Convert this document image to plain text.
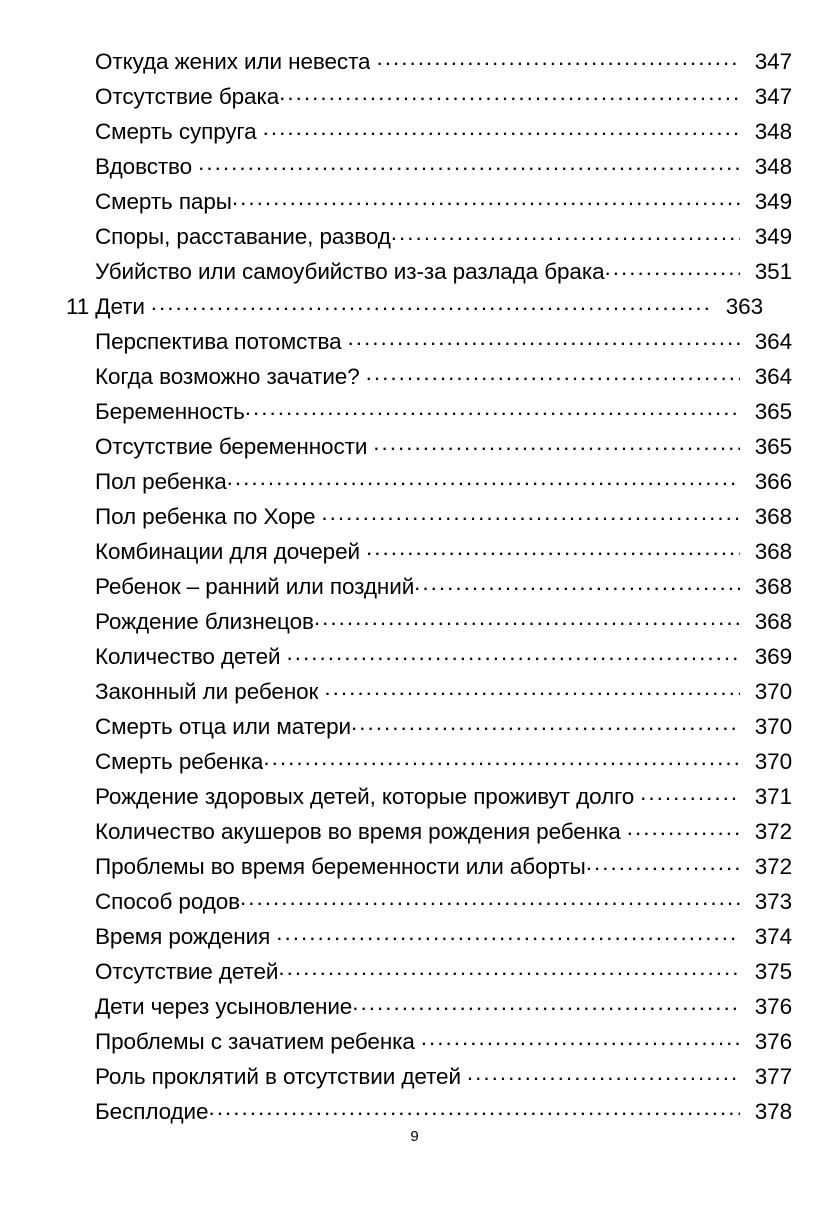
Откуда жених или невеста .....	347
Отсутствие брака .....	347
Смерть супруга .....	348
Вдовство .....	348
Смерть пары .....	349
Споры, расставание, развод .....	349
Убийство или самоубийство из-за разлада брака .....	351
11 Дети .....	363
Перспектива потомства .....	364
Когда возможно зачатие? .....	364
Беременность .....	365
Отсутствие беременности .....	365
Пол ребенка .....	366
Пол ребенка по Хоре .....	368
Комбинации для дочерей .....	368
Ребенок – ранний или поздний .....	368
Рождение близнецов .....	368
Количество детей .....	369
Законный ли ребенок .....	370
Смерть отца или матери .....	370
Смерть ребенка .....	370
Рождение здоровых детей, которые проживут долго .....	371
Количество акушеров во время рождения ребенка .....	372
Проблемы во время беременности или аборты .....	372
Способ родов .....	373
Время рождения .....	374
Отсутствие детей .....	375
Дети через усыновление .....	376
Проблемы с зачатием ребенка .....	376
Роль проклятий в отсутствии детей .....	377
Бесплодие .....	378
9
